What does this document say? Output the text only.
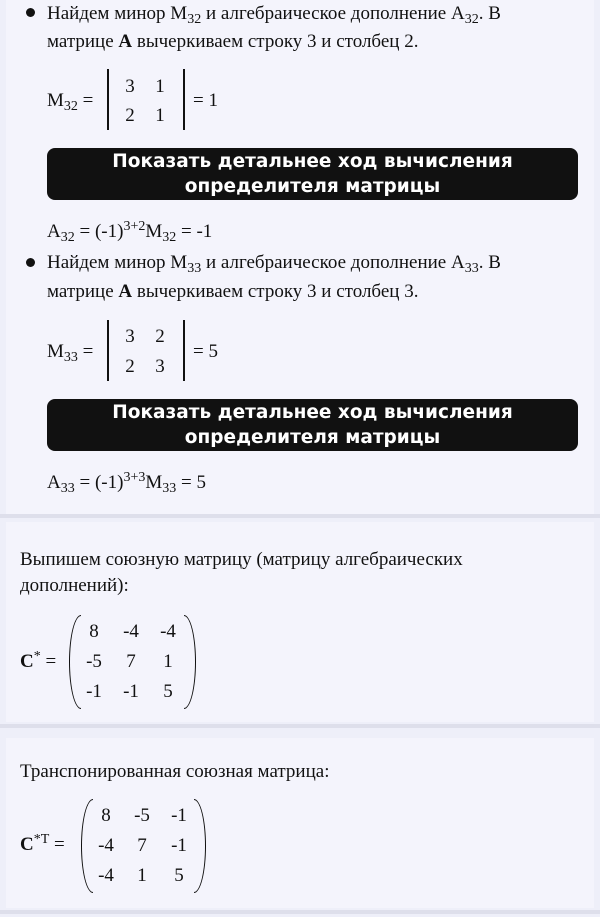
Найдем минор $M_{32}$ и алгебраическое дополнение $A_{32}$. В
матрице A вычеркиваем строку 3 и столбец 2.
$M_{32}$ =
3	1
2	1
= 1
Показать детальнее ход вычисления определителя матрицы
$A_{32} = (-1)^{3+2}M_{32} = -1$
Найдем минор $M_{33}$ и алгебраическое дополнение $A_{33}$. В
матрице A вычеркиваем строку 3 и столбец 3.
$M_{33}$ =
3	2
2	3
= 5
Показать детальнее ход вычисления определителя матрицы
$A_{33} = (-1)^{3+3}M_{33} = 5$
Выпишем союзную матрицу (матрицу алгебраических
дополнений):
C* =
8	-4	-4
-5	7	1
-1	-1	5
Транспонированная союзная матрица:
$C^{*T}$ =
8	-5	-1
-4	7	-1
-4	1	5
